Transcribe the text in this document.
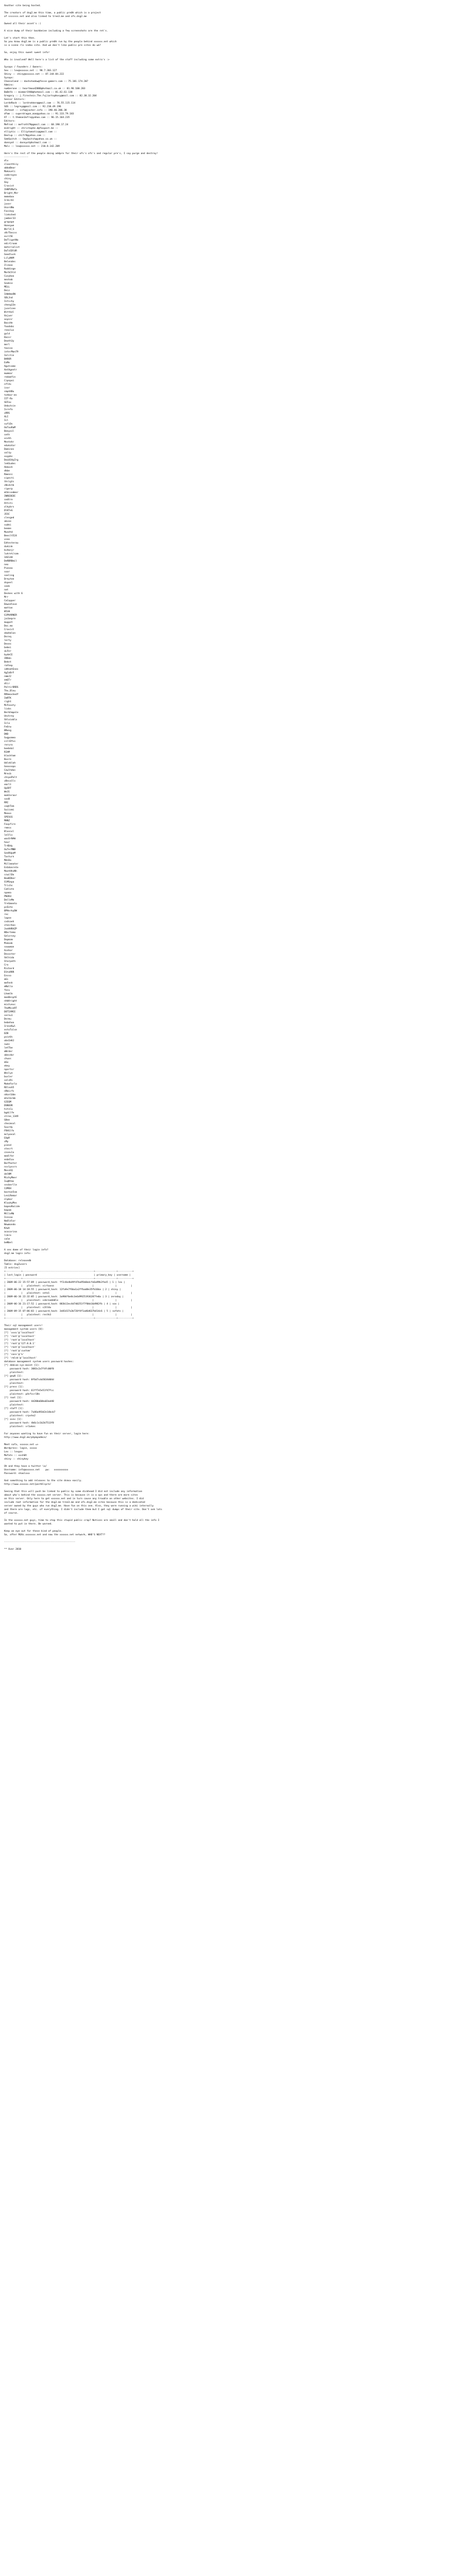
Another site being hosted.

The creators of dsg2.me this time, a public pre0h which is a project
of sssssss.net and also linked to tree3.me and ofs.dsg2.me

Owned all their asset's :)

A nice dump of their backbeine including a few screenshots are the ret's.

Let's start this then.
So you know dsg2.me is a public pre0h run by the people behind xxxxxx.net which
is a scene rls index site. And we don't like public pre sites do we?

So, enjoy this sweet sweet info!

Who is involved? Well here's a list of the staff including some extra's :>

Sysops / Founders / Owners:
Sex :: lex@xxxxxx.net :: 98.7.203.127
Shiny :: shiny@xxxxxx.net :: 87.144.84.222
Sysops:
Cheeseland :: dashshadow@fesse-gamers.com :: 75.181.174.207
Admins:
numberone :: heartmood2000@hotmail.co.uk :: 81.96.100.203
BaDeYe :: mimmer1940@hotmail.com :: 81.42.61.138
Gregory :: j.firestein.The.fujiarts@hosy@mail.com :: 82.38.32.204
Senior Editors:
LordeRock :: lordrokker@gmail.com :: 76.55.115.114
SOS :: legrey@gmail.com :: 92.210.49.196
Jhcheat :: info@jacher.info :: 190.46.206.38
dfam :: superdragon_man@yahoo.co :: 91.133.79.183
AT :: t.theman3ofrs@yahoo.com :: 96.15.164.235
Editors:
MeFrod :: mefroth79@gmail.com :: 68.198.17.24
midright :: christophe.d@foxpost.be ::
elliptic :: Elliptomatic@gmail.com ::
Deelup :: chifr9@yahoo.com ::
SemSwitch :: SmySwitch@yahoo.co.uk ::
donnyot :: donnyot@hotmail.com ::
Malc :: lex@xxxxxx.net :: 210.8.142.209

Here's the rest of the people doing addpre for their ofs's ofs's and regular pre's, I say purge and destroy!
-----------------
dlx
sloonthiiy
abbaBear
Makaveli
coderoyes
chiny
Xey
Crasist
IhNPSMafa
Bright_Mer
memebox
Irdsrbl
joser
UsordNo
Fasikoy
linkshed
jamber33
grapope
Honeywe
World_G
sKrTbncss
evri56
DoTligntNo
edirCroom
materialist
DaTcEDlUR
Goodluck
LilyNAM
Belendes
Ilikee
Roddinge
MorbChld
Cuzyboo
meshab
Snobie
MELL
Deiz
IeWdmoOW
SDLJnd
Istichy
cheng13e
juselsee
Wittkel
Vojuer
aspinr
BaccHe
foodobc
renolus
guld
Dainr
Death3y
merl
taxiox
interMan79
Iolitin
BAROR
EnMe
Agutcome
AntAgentr
mummar
redamfin
Cipnpoi
nflVx
isor
smp44Bu
txhbor-ms
IIT-Rx
SEFax
Unbutsie
Isrefo
xRRS
ALI
Icl
sufiDs
OoTooRaM
Beeyoil
seth
xsvhh
Mnntehr
edukator
Domines
voltp
xuypbs
DoL01HyZrg
lekSudes
Akkosh
dkbe
Rmenni
sipecti
thrigts
sNidstb
riperp
mtbisedmer
INREDEDI
sedtre
Attsti
olkybrs
DlKTeG
JESC
clesged
abcee
subki
beeme
Mundtd
Beeslt524
vseo
Edtesterau
dukink
bcAonjr
lukret/sam
1AE14H
DeRBRBmil
neo
Pieneo
soar
soeling
Dreytee
dspeel
seek
net
Deskes with 6
Mrr
CoCopper
Downdlove
mattan
WILW
G1PHARNER
joibepre
muppet
Doc.mo
Croxict
ebahmlon
Dnreq
lerty
Desex
bebei
aLFer
bydeCE
IRRdn
Beknt
rathep
idHsmtEnes
AgIoBrF
nmmJ2
emGTr
dtir
PoltirDRDS
The_Bleu
RRhmoshedf
ImRTK
right
McFoxxty
livbs
Berkhmpale
Unchrey
Shloiobla
Icla
FeOrw
BRong
DKD
Sugpomeo
sillDfvs
reruro
boebdul
RIAM
blacktom
Buvre
bbleblah
Genosepo
Cowlhdas
Mrecb
chipoPolt
zBncalls
emrlt
OpSRT
We31
makIeraor
sovB
RRI
coqhTem
Suiiomi
Meaxo
SPESGS
MHNZ
Favpfire
remsx
Blosnsl
lelFis
wacOrNAW
hour
Tr4Ddy
OuTerMNB
SenRUpeM
Tasturn
MdiDo
Millmeater
EnSdonrete
MootHhvNh
ccwilDo
BeaKDber
SlMSepa
Trichs
Cahlotn
npoma
PN3Rd
DelleMe
freSmeeto
pcEoto
BPHerkyDW
rec
lapne
cxdsaeh
stenrbas
JonHHRAZP
BDortemo
Gelorsey
Dopmam
Mimoak
souwman
Asnhor
Decoster
Sklhida
Starpath
Cro
Richard
D1toRRR
Ensso
mGi
meFenh
mRmlla
focu
Lhemlk
manBeiptE
nhbHright
mistvexc
TheMkinRT
DOTIAMCE
sernu1
Dnrmu
bebehoo
IrendSwl
estoTulse
DZB
pvieVs
obn1kKJ
swos
letTbe
mNrder
abecdor
chuos
mSo
ekey
nportsr
Weslye
busler
selsRi
MakeForlo
RElnoS5
nRbicfs
nHcelOde
mtelbrmb
GIEQM
DSNOOR
hitiCu
bgdilfe
stree_1349
G8ee
checmsol
Suurdy
FRASlfn
mclpasal
EUpR
sMy
piend
stesrt
cnseulo
medlfer
enbdlov
BorPaster
nsslpssrs
MessEQ
delNM
MichyMeer
IuqNtms
snsberlle
IJMOH
boston5sm
LesLRemar
nlpbor
KluukyMns
bapeoRoiide
bapam
MtlleMb
Isnsoo
NaOldlor
Nnwmondo
Knwh
acocorina
libre
calm
beNbel

A sex dome of their login info?
dsg2.me login info:

Database: releasedb
Table: dsg2users
[5 entries]
+-----------+--------------------------------------------------+---------------+----------+
| last_login | password                                        | primary_key | username |
+-----------+--------------------------------------------------+---------------+----------+
| 2009-06-22 15:57:09 | password_hash: ff2c8e4b49fd7ba95b6bdcfe6a99b3fee5 | 1 | lex |
|           |   plaintext: virtuoso                           |               |          |
| 2009-06-18 14:18:55 | password_hash: 12fa9e7f6ba1a2ffbad8e35fb16ba | 2 | shiny |
|           |   plaintext: vetal                              |               |          |
| 2009-06-16 22:32:05 | password_hash: 3a984fbe8c3e6d99251936287fe0a | 3 | zeroday |
|           |   plaintext: vnbreakb0le                        |               |          |
| 2009-06-16 21:17:52 | password_hash: 883b13ec4d7d0251f7f0bb16d982fb | 4 | sov |
|           |   plaintext: s3tt4o                             |               |          |
| 2009-09-15 07:06:03 | password_hash: 3e81437a3b720f4f1ad6d637b414c6 | 5 | sofats |
|           |   plaintext: restk3                             |               |          |
+-----------+--------------------------------------------------+---------------+----------+

Their sql management users!
management system users [8]:
[*] 'xvxv'@'localhost'
[*] 'root'@'localhost'
[*] 'root'@'localhost'
[*] 'root'@'127.0.0.1'
[*] 'root'@'localhost'
[*] 'root'@'custom'
[*] 'sass'@'%'
[*] 'rmlsk'@'localhost'
database management system users password hashes:
[*] debian-sys-maint [1]:
password hash: 3083c2a7f4fc00f8
plaintext:
[*] gnw8 [1]:
password hash: 8f6d7cda5034d04d
plaintext:
[*] press [1]:
password hash: 61ff7e5e51f47fcc
plaintext: p4sfvcr18n
[*] root [1]:
password hash: 4d200a60ba03ad40
plaintext:
[*] staff [1]:
password hash: 7a46a493d2e14bcb7
plaintext: crpsho2
[*] xvxv [1]:
password hash: 4b6c1c1b2b7513f8
plaintext: vr1okes

For anyones wanting to have fun on their server, login here:
http://www.dsg2.me/phpmyadmin/

Meet sofa, xxxxxx.net =>
Wordpress: login, xxxxx
Lex :: lexpas
Mofats :: xxsh0t
shiny :: shinykey

Oh and they have a twitter \o/
Username: info@xxxxxx.net    pw:   xxxxxxxxxx
Password: shaolxxx

And something to add releases to the site dsmsx easily.
http://www.xxxxxx.net/postblipre/

Seeing that this will push be linked to public by some dickhead I did not include any information
about who's behind the xxxxxx.net server. This is because it is a vps and there are more sites
on this server. Only here to get xxxxxx.net and in turn cause any trouble on other websites. I did
include root information for the dsg2.me tree3.me and ofs.dsg2.me sites because this is a dedicated
server owned by the guys who run dsg2.me. Have fun on this one. Also, they were running a wiki internally
and there are logs, etc. of everything. I didn't include them but I got sql dumps of their site. Don't ask lots
of course.

In the xxxxxx.net guys, time to stop this stupid public crap? Notices are small and don't hold all the info I
wanted to put in there. Be warned.

Keep an eye out for these kind of people.
So, after ROAz.xxxxxxx.net and now the xxxxxx.net network, WHO'S NEXT??

--------------------------------------------------

** Over 2010
